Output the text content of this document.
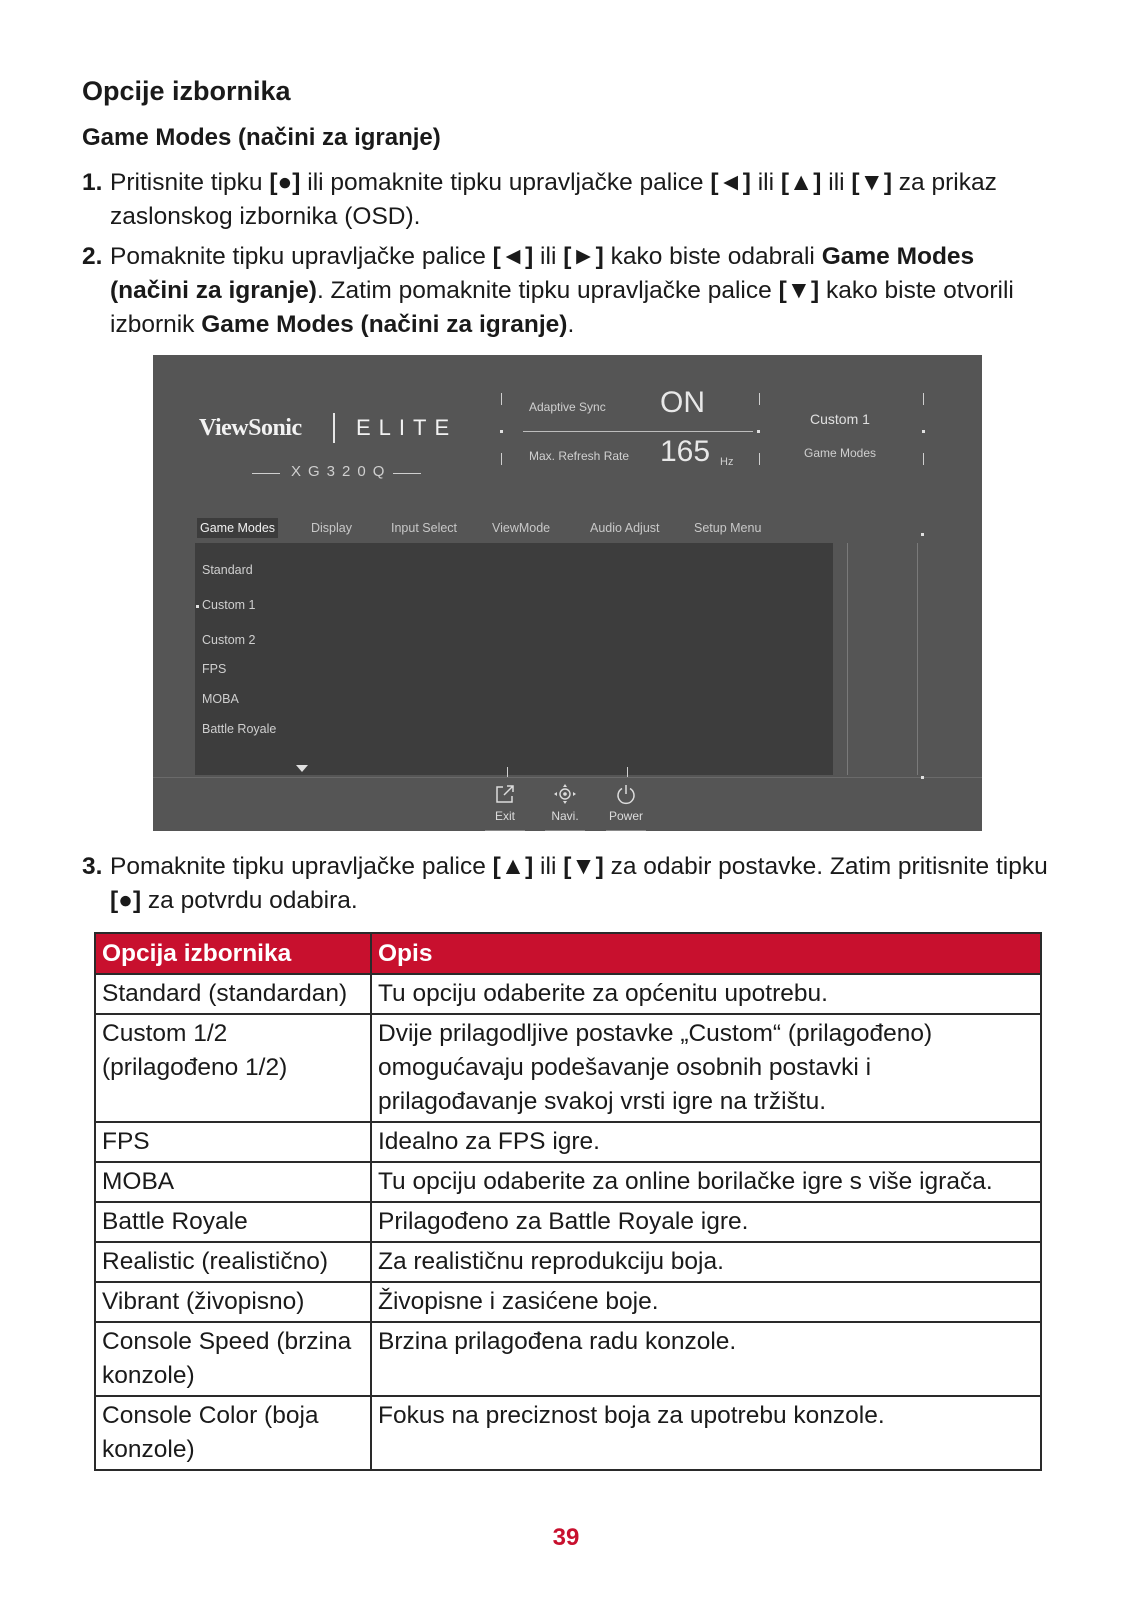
Opcije izbornika
Game Modes (načini za igranje)
1. Pritisnite tipku [●] ili pomaknite tipku upravljačke palice [◄] ili [▲] ili [▼] za prikaz zaslonskog izbornika (OSD).
2. Pomaknite tipku upravljačke palice [◄] ili [►] kako biste odabrali Game Modes (načini za igranje). Zatim pomaknite tipku upravljačke palice [▼] kako biste otvorili izbornik Game Modes (načini za igranje).
ViewSonic ELITE
XG320Q
Adaptive Sync ON
Max. Refresh Rate 165 Hz
Custom 1
Game Modes
Game Modes	Display	Input Select	ViewMode	Audio Adjust	Setup Menu
Standard
Custom 1
Custom 2
FPS
MOBA
Battle Royale
Exit	Navi.	Power
3. Pomaknite tipku upravljačke palice [▲] ili [▼] za odabir postavke. Zatim pritisnite tipku [●] za potvrdu odabira.
Opcija izbornika	Opis
Standard (standardan)	Tu opciju odaberite za općenitu upotrebu.
Custom 1/2 (prilagođeno 1/2)	Dvije prilagodljive postavke „Custom“ (prilagođeno) omogućavaju podešavanje osobnih postavki i prilagođavanje svakoj vrsti igre na tržištu.
FPS	Idealno za FPS igre.
MOBA	Tu opciju odaberite za online borilačke igre s više igrača.
Battle Royale	Prilagođeno za Battle Royale igre.
Realistic (realistično)	Za realističnu reprodukciju boja.
Vibrant (živopisno)	Živopisne i zasićene boje.
Console Speed (brzina konzole)	Brzina prilagođena radu konzole.
Console Color (boja konzole)	Fokus na preciznost boja za upotrebu konzole.
39
